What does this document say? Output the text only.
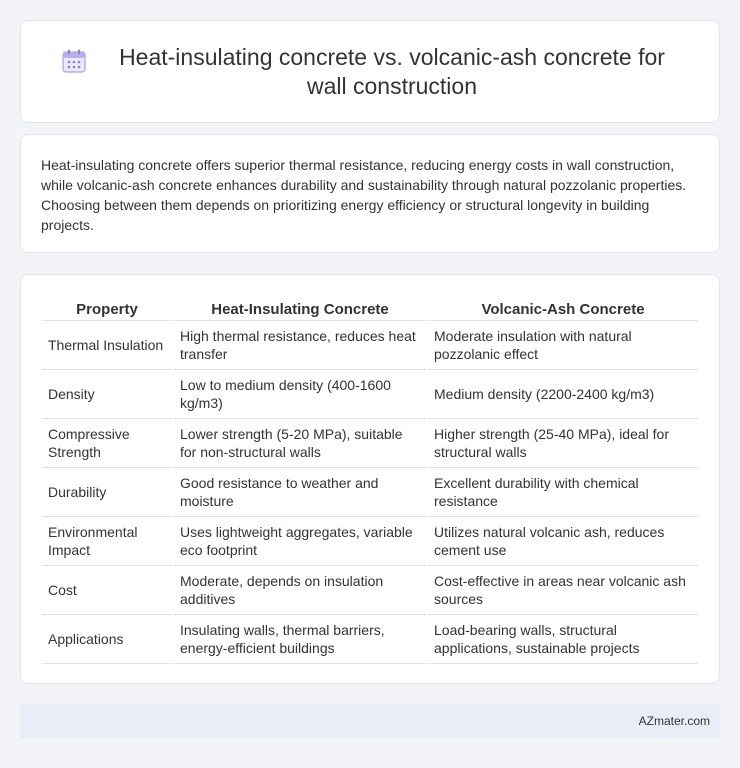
Heat-insulating concrete vs. volcanic-ash concrete for wall construction

Heat-insulating concrete offers superior thermal resistance, reducing energy costs in wall construction, while volcanic-ash concrete enhances durability and sustainability through natural pozzolanic properties. Choosing between them depends on prioritizing energy efficiency or structural longevity in building projects.

Property	Heat-Insulating Concrete	Volcanic-Ash Concrete
Thermal Insulation	High thermal resistance, reduces heat transfer	Moderate insulation with natural pozzolanic effect
Density	Low to medium density (400-1600 kg/m3)	Medium density (2200-2400 kg/m3)
Compressive Strength	Lower strength (5-20 MPa), suitable for non-structural walls	Higher strength (25-40 MPa), ideal for structural walls
Durability	Good resistance to weather and moisture	Excellent durability with chemical resistance
Environmental Impact	Uses lightweight aggregates, variable eco footprint	Utilizes natural volcanic ash, reduces cement use
Cost	Moderate, depends on insulation additives	Cost-effective in areas near volcanic ash sources
Applications	Insulating walls, thermal barriers, energy-efficient buildings	Load-bearing walls, structural applications, sustainable projects
AZmater.com
